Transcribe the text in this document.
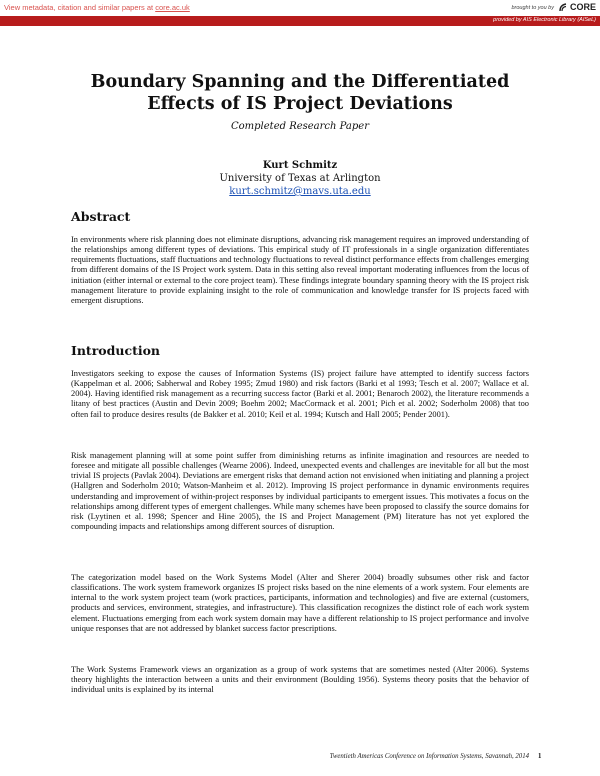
View metadata, citation and similar papers at core.ac.uk	brought to you by CORE
provided by AIS Electronic Library (AISeL)
Boundary Spanning and the Differentiated
Effects of IS Project Deviations
Completed Research Paper
Kurt Schmitz
University of Texas at Arlington
kurt.schmitz@mavs.uta.edu
Abstract
In environments where risk planning does not eliminate disruptions, advancing risk management requires an improved understanding of the relationships among different types of deviations. This empirical study of IT professionals in a single organization differentiates requirements fluctuations, staff fluctuations and technology fluctuations to reveal distinct performance effects from challenges emerging from different domains of the IS Project work system. Data in this setting also reveal important moderating influences from the locus of initiation (either internal or external to the core project team). These findings integrate boundary spanning theory with the IS project risk management literature to provide explaining insight to the role of communication and knowledge transfer for IS projects faced with emergent disruptions.
Introduction
Investigators seeking to expose the causes of Information Systems (IS) project failure have attempted to identify success factors (Kappelman et al. 2006; Sabherwal and Robey 1995; Zmud 1980) and risk factors (Barki et al 1993; Tesch et al. 2007; Wallace et al. 2004). Having identified risk management as a recurring success factor (Barki et al. 2001; Benaroch 2002), the literature recommends a litany of best practices (Austin and Devin 2009; Boehm 2002; MacCormack et al. 2001; Pich et al. 2002; Soderholm 2008) that too often fail to produce desires results (de Bakker et al. 2010; Keil et al. 1994; Kutsch and Hall 2005; Pender 2001).
Risk management planning will at some point suffer from diminishing returns as infinite imagination and resources are needed to foresee and mitigate all possible challenges (Wearne 2006). Indeed, unexpected events and challenges are inevitable for all but the most trivial IS projects (Pavlak 2004). Deviations are emergent risks that demand action not envisioned when initiating and planning a project (Hallgren and Soderholm 2010; Watson-Manheim et al. 2012). Improving IS project performance in dynamic environments requires understanding and improvement of within-project responses by individual participants to emergent issues. This motivates a focus on the relationships among different types of emergent challenges. While many schemes have been proposed to classify the source domains for risk (Lyytinen et al. 1998; Spencer and Hine 2005), the IS and Project Management (PM) literature has not yet explored the compounding impacts and relationships among different sources of disruption.
The categorization model based on the Work Systems Model (Alter and Sherer 2004) broadly subsumes other risk and factor classifications. The work system framework organizes IS project risks based on the nine elements of a work system. Four elements are internal to the work system project team (work practices, participants, information and technologies) and five are external (customers, products and services, environment, strategies, and infrastructure). This classification recognizes the distinct role of each work system element. Fluctuations emerging from each work system domain may have a different relationship to IS project performance and involve unique responses that are not addressed by blanket success factor prescriptions.
The Work Systems Framework views an organization as a group of work systems that are sometimes nested (Alter 2006). Systems theory highlights the interaction between a units and their environment (Boulding 1956). Systems theory posits that the behavior of individual units is explained by its internal
Twentieth Americas Conference on Information Systems, Savannah, 2014 1
